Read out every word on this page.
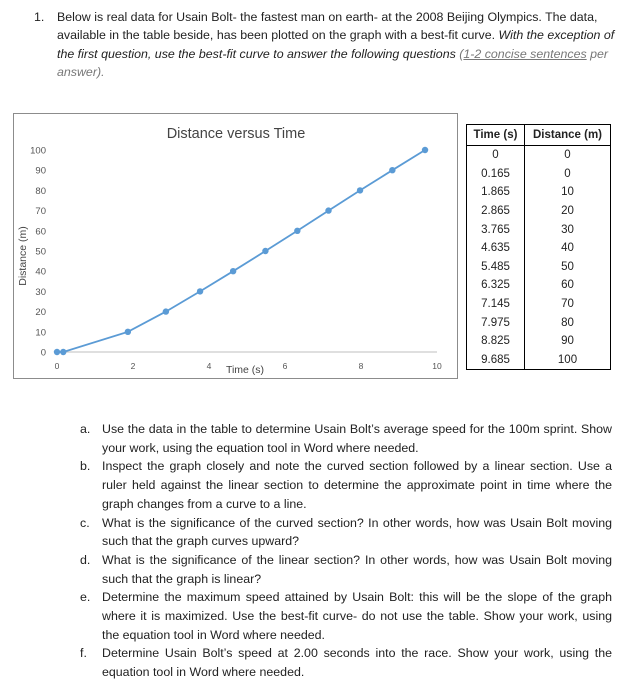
1. Below is real data for Usain Bolt- the fastest man on earth- at the 2008 Beijing Olympics. The data, available in the table beside, has been plotted on the graph with a best-fit curve. With the exception of the first question, use the best-fit curve to answer the following questions (1-2 concise sentences per answer).
Distance versus Time
Time (s)
Distance (m)
0
10
20
30
40
50
60
70
80
90
100
0	2	4	6	8	10
Time (s)	Distance (m)
0	0
0.165	0
1.865	10
2.865	20
3.765	30
4.635	40
5.485	50
6.325	60
7.145	70
7.975	80
8.825	90
9.685	100
a. Use the data in the table to determine Usain Bolt’s average speed for the 100m sprint. Show your work, using the equation tool in Word where needed.
b. Inspect the graph closely and note the curved section followed by a linear section. Use a ruler held against the linear section to determine the approximate point in time where the graph changes from a curve to a line.
c. What is the significance of the curved section? In other words, how was Usain Bolt moving such that the graph curves upward?
d. What is the significance of the linear section? In other words, how was Usain Bolt moving such that the graph is linear?
e. Determine the maximum speed attained by Usain Bolt: this will be the slope of the graph where it is maximized. Use the best-fit curve- do not use the table. Show your work, using the equation tool in Word where needed.
f. Determine Usain Bolt’s speed at 2.00 seconds into the race. Show your work, using the equation tool in Word where needed.
